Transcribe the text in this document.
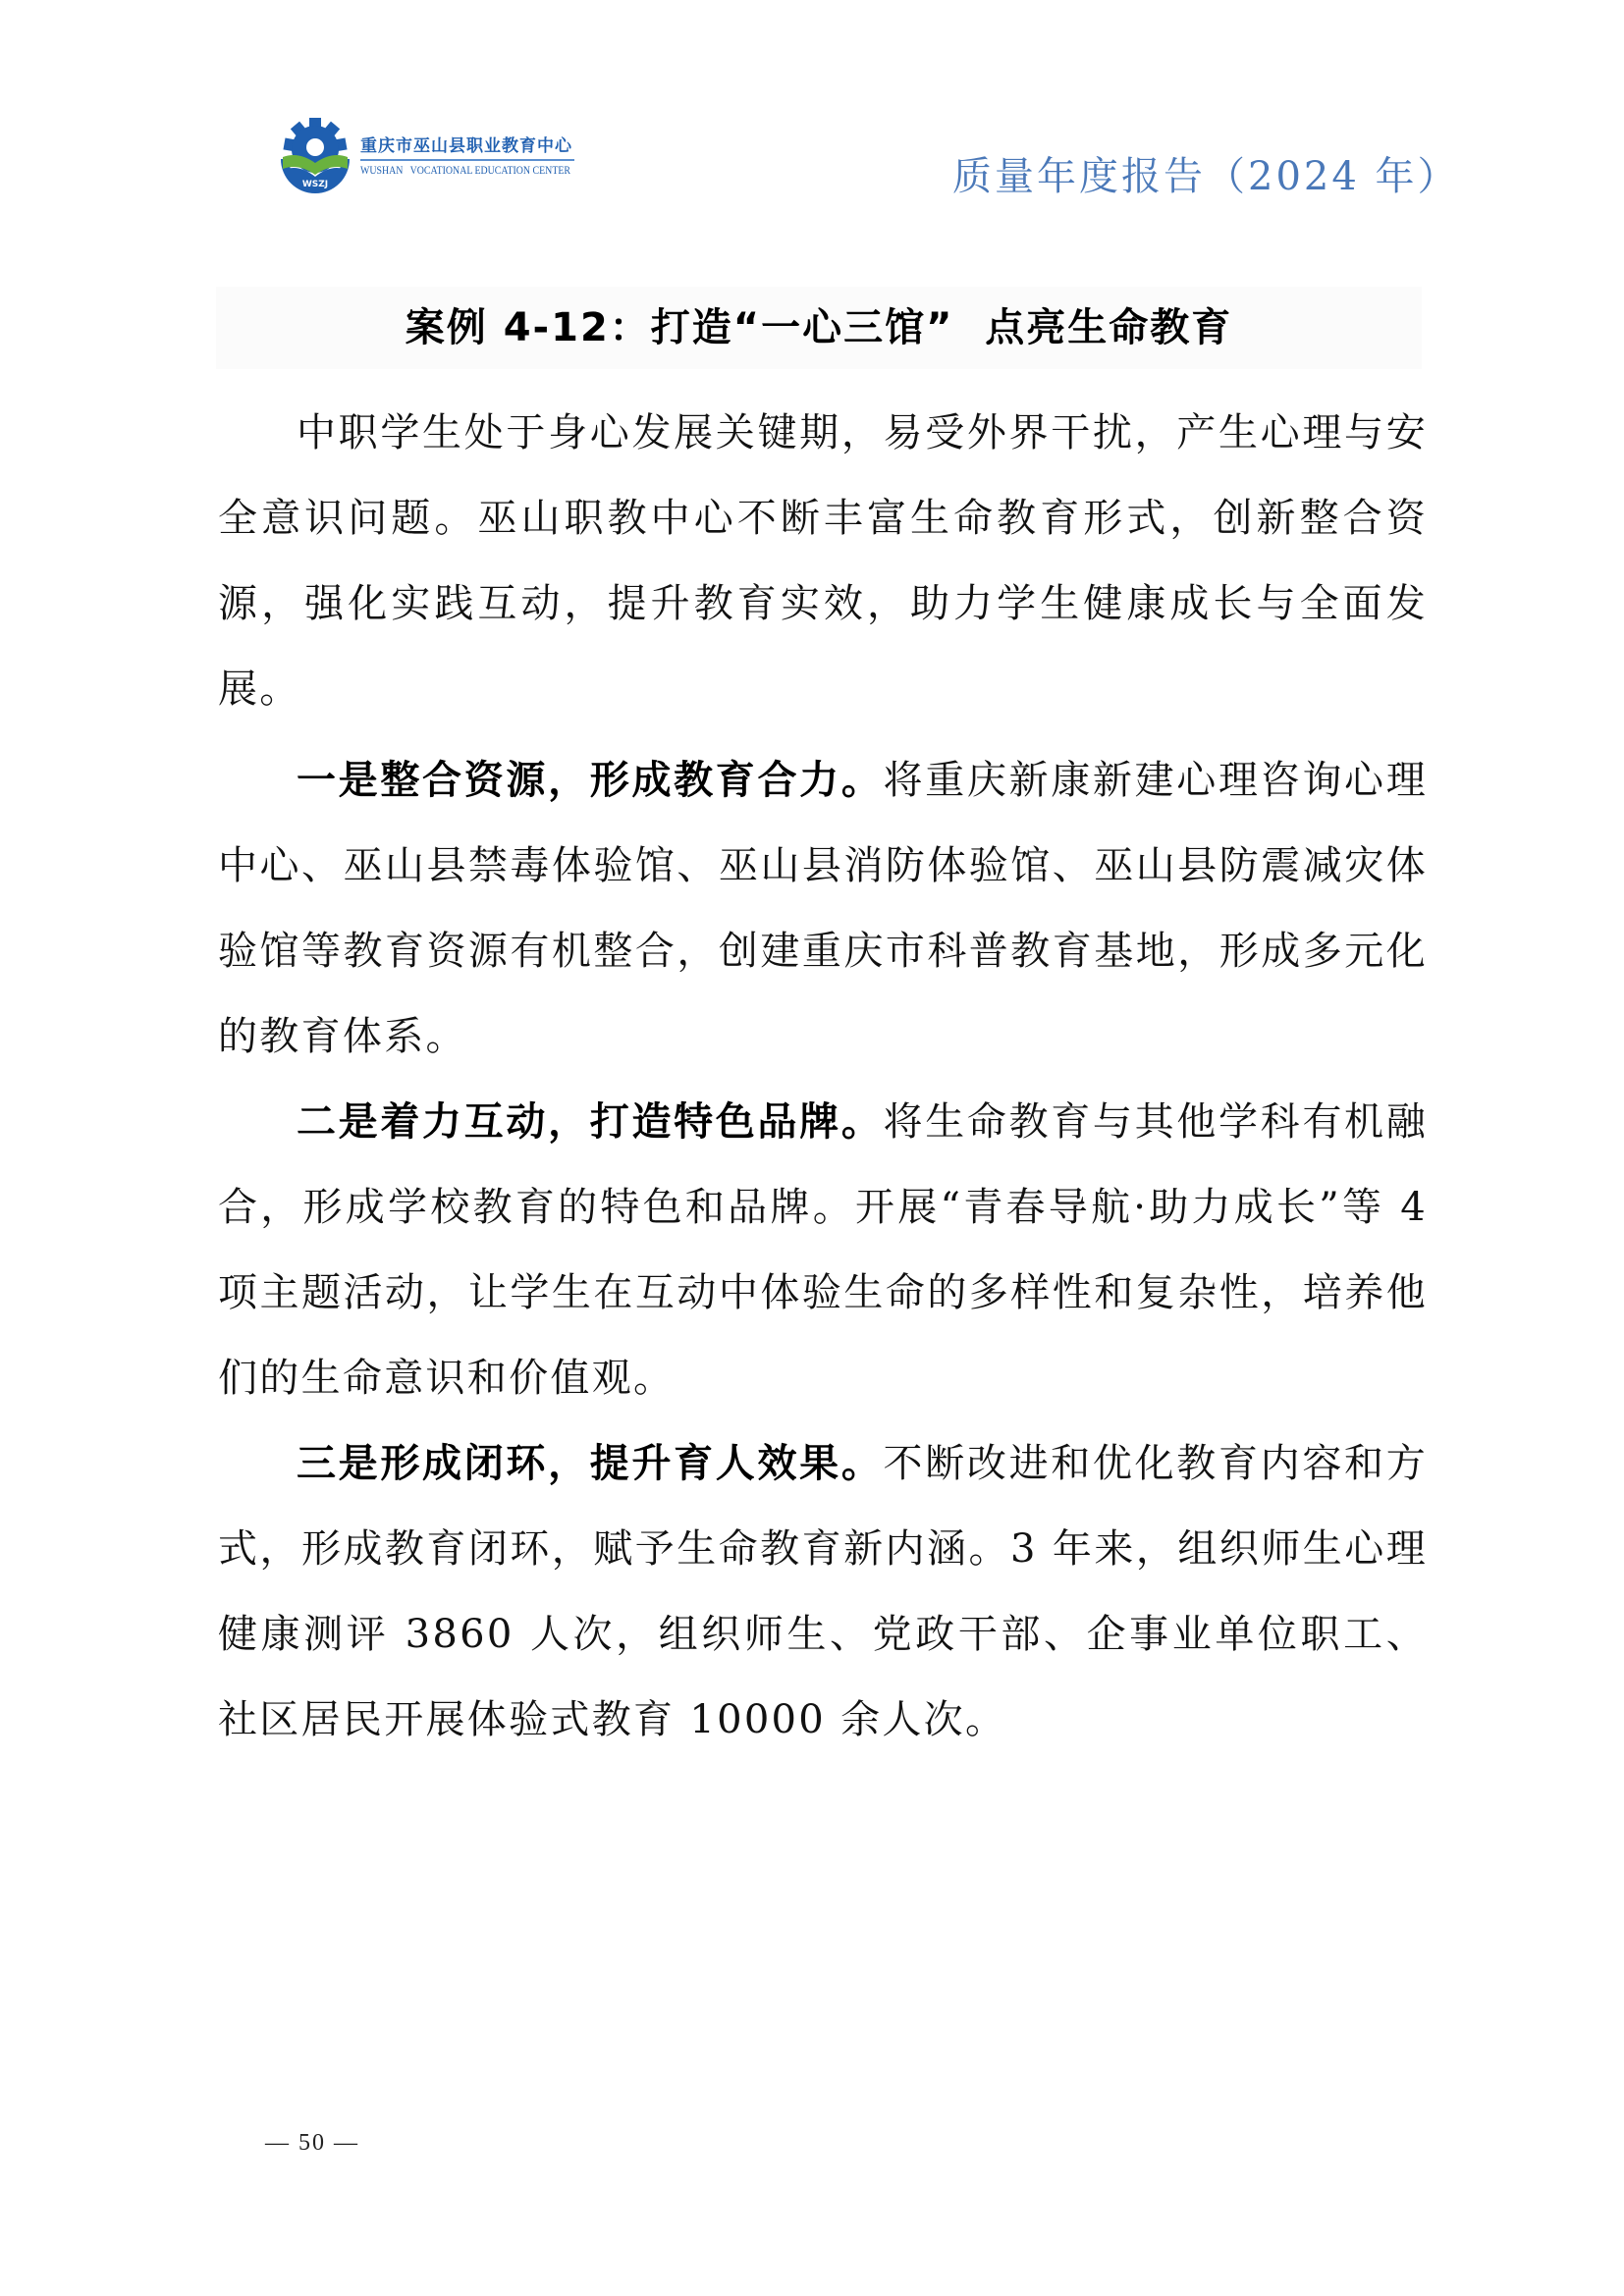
WSZJ
重庆市巫山县职业教育中心
WUSHAN   VOCATIONAL EDUCATION CENTER	质量年度报告（2024 年）
案例 4-12：打造“一心三馆”  点亮生命教育

中职学生处于身心发展关键期，易受外界干扰，产生心理与安全意识问题。巫山职教中心不断丰富生命教育形式，创新整合资源，强化实践互动，提升教育实效，助力学生健康成长与全面发展。

一是整合资源，形成教育合力。将重庆新康新建心理咨询心理中心、巫山县禁毒体验馆、巫山县消防体验馆、巫山县防震减灾体验馆等教育资源有机整合，创建重庆市科普教育基地，形成多元化的教育体系。

二是着力互动，打造特色品牌。将生命教育与其他学科有机融合，形成学校教育的特色和品牌。开展“青春导航·助力成长”等 4 项主题活动，让学生在互动中体验生命的多样性和复杂性，培养他们的生命意识和价值观。

三是形成闭环，提升育人效果。不断改进和优化教育内容和方式，形成教育闭环，赋予生命教育新内涵。3 年来，组织师生心理健康测评 3860 人次，组织师生、党政干部、企事业单位职工、社区居民开展体验式教育 10000 余人次。

— 50 —
